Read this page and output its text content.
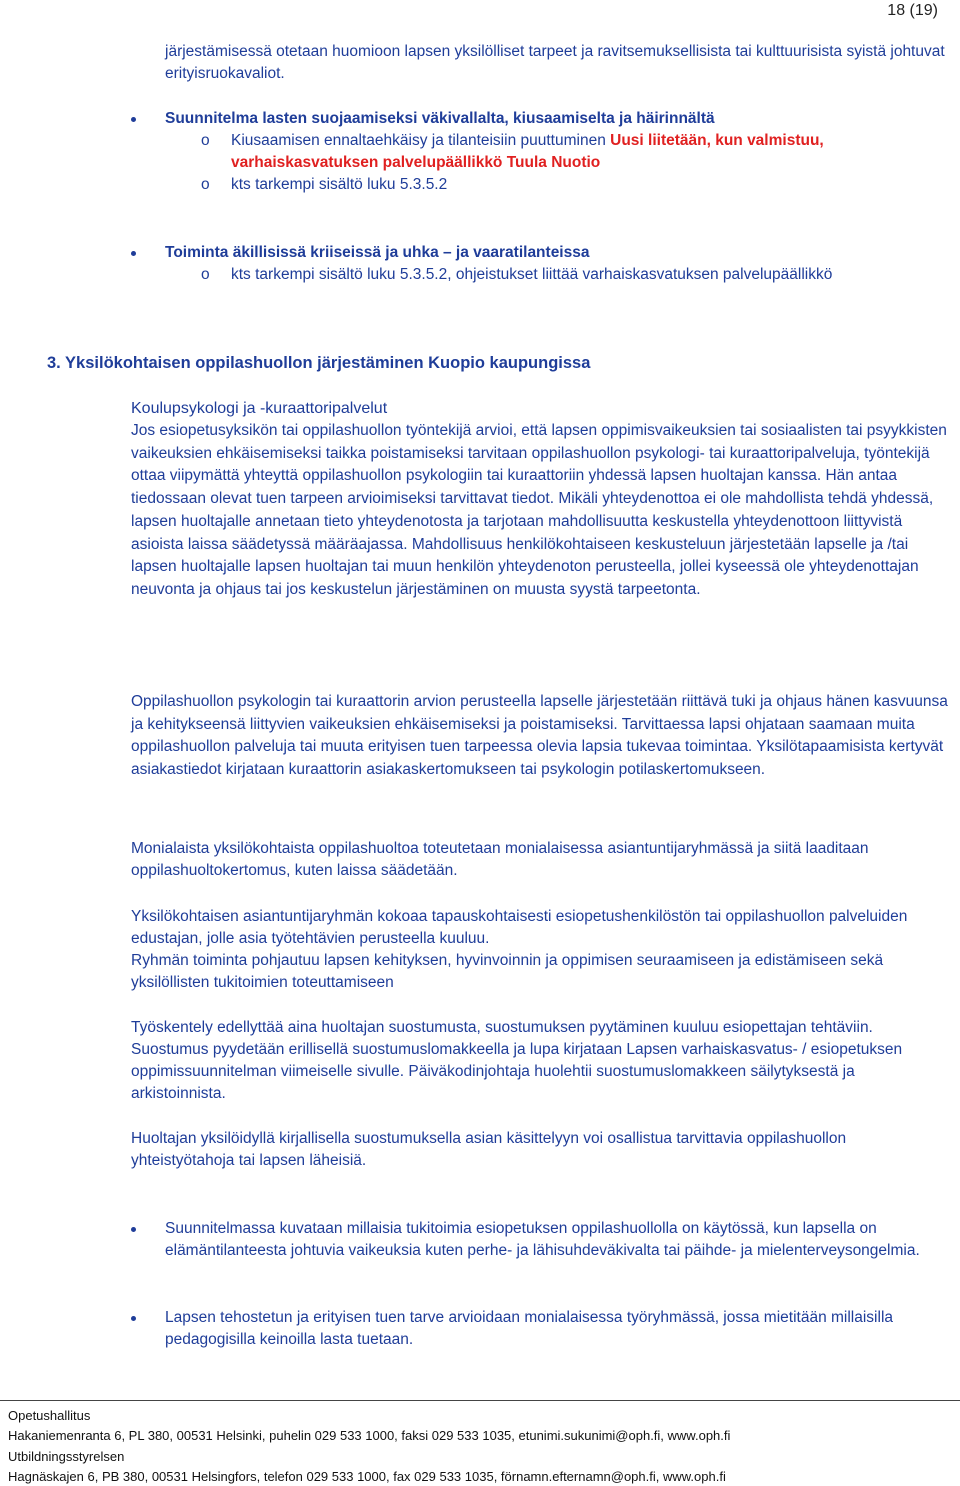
18 (19)
järjestämisessä otetaan huomioon lapsen yksilölliset tarpeet ja ravitsemuksellisista tai kulttuurisista syistä johtuvat erityisruokavaliot.
Suunnitelma lasten suojaamiseksi väkivallalta, kiusaamiselta ja häirinnältä
o Kiusaamisen ennaltaehkäisy ja tilanteisiin puuttuminen Uusi liitetään, kun valmistuu, varhaiskasvatuksen palvelupäällikkö Tuula Nuotio
o kts tarkempi sisältö luku 5.3.5.2
Toiminta äkillisissä kriiseissä ja uhka – ja vaaratilanteissa
o kts tarkempi sisältö luku 5.3.5.2, ohjeistukset liittää varhaiskasvatuksen palvelupäällikkö
3. Yksilökohtaisen oppilashuollon järjestäminen Kuopio kaupungissa
Koulupsykologi ja -kuraattoripalvelut
Jos esiopetusyksikön tai oppilashuollon työntekijä arvioi, että lapsen oppimisvaikeuksien tai sosiaalisten tai psyykkisten vaikeuksien ehkäisemiseksi taikka poistamiseksi tarvitaan oppilashuollon psykologi- tai kuraattoripalveluja, työntekijä ottaa viipymättä yhteyttä oppilashuollon psykologiin tai kuraattoriin yhdessä lapsen huoltajan kanssa. Hän antaa tiedossaan olevat tuen tarpeen arvioimiseksi tarvittavat tiedot. Mikäli yhteydenottoa ei ole mahdollista tehdä yhdessä, lapsen huoltajalle annetaan tieto yhteydenotosta ja tarjotaan mahdollisuutta keskustella yhteydenottoon liittyvistä asioista laissa säädetyssä määräajassa. Mahdollisuus henkilökohtaiseen keskusteluun järjestetään lapselle ja /tai lapsen huoltajalle lapsen huoltajan tai muun henkilön yhteydenoton perusteella, jollei kyseessä ole yhteydenottajan neuvonta ja ohjaus tai jos keskustelun järjestäminen on muusta syystä tarpeetonta.
Oppilashuollon psykologin tai kuraattorin arvion perusteella lapselle järjestetään riittävä tuki ja ohjaus hänen kasvuunsa ja kehitykseensä liittyvien vaikeuksien ehkäisemiseksi ja poistamiseksi. Tarvittaessa lapsi ohjataan saamaan muita oppilashuollon palveluja tai muuta erityisen tuen tarpeessa olevia lapsia tukevaa toimintaa. Yksilötapaamisista kertyvät asiakastiedot kirjataan kuraattorin asiakaskertomukseen tai psykologin potilaskertomukseen.
Monialaista yksilökohtaista oppilashuoltoa toteutetaan monialaisessa asiantuntijaryhmässä ja siitä laaditaan oppilashuoltokertomus, kuten laissa säädetään.
Yksilökohtaisen asiantuntijaryhmän kokoaa tapauskohtaisesti esiopetushenkilöstön tai oppilashuollon palveluiden edustajan, jolle asia työtehtävien perusteella kuuluu.
Ryhmän toiminta pohjautuu lapsen kehityksen, hyvinvoinnin ja oppimisen seuraamiseen ja edistämiseen sekä yksilöllisten tukitoimien toteuttamiseen
Työskentely edellyttää aina huoltajan suostumusta, suostumuksen pyytäminen kuuluu esiopettajan tehtäviin. Suostumus pyydetään erillisellä suostumuslomakkeella ja lupa kirjataan Lapsen varhaiskasvatus- / esiopetuksen oppimissuunnitelman viimeiselle sivulle. Päiväkodinjohtaja huolehtii suostumuslomakkeen säilytyksestä ja arkistoinnista.
Huoltajan yksilöidyllä kirjallisella suostumuksella asian käsittelyyn voi osallistua tarvittavia oppilashuollon yhteistyötahoja tai lapsen läheisiä.
Suunnitelmassa kuvataan millaisia tukitoimia esiopetuksen oppilashuollolla on käytössä, kun lapsella on elämäntilanteesta johtuvia vaikeuksia kuten perhe- ja lähisuhdeväkivalta tai päihde- ja mielenterveysongelmia.
Lapsen tehostetun ja erityisen tuen tarve arvioidaan monialaisessa työryhmässä, jossa mietitään millaisilla pedagogisilla keinoilla lasta tuetaan.
Opetushallitus
Hakaniemenranta 6, PL 380, 00531 Helsinki, puhelin 029 533 1000, faksi 029 533 1035, etunimi.sukunimi@oph.fi, www.oph.fi
Utbildningsstyrelsen
Hagnäskajen 6, PB 380, 00531 Helsingfors, telefon 029 533 1000, fax 029 533 1035, förnamn.efternamn@oph.fi, www.oph.fi
